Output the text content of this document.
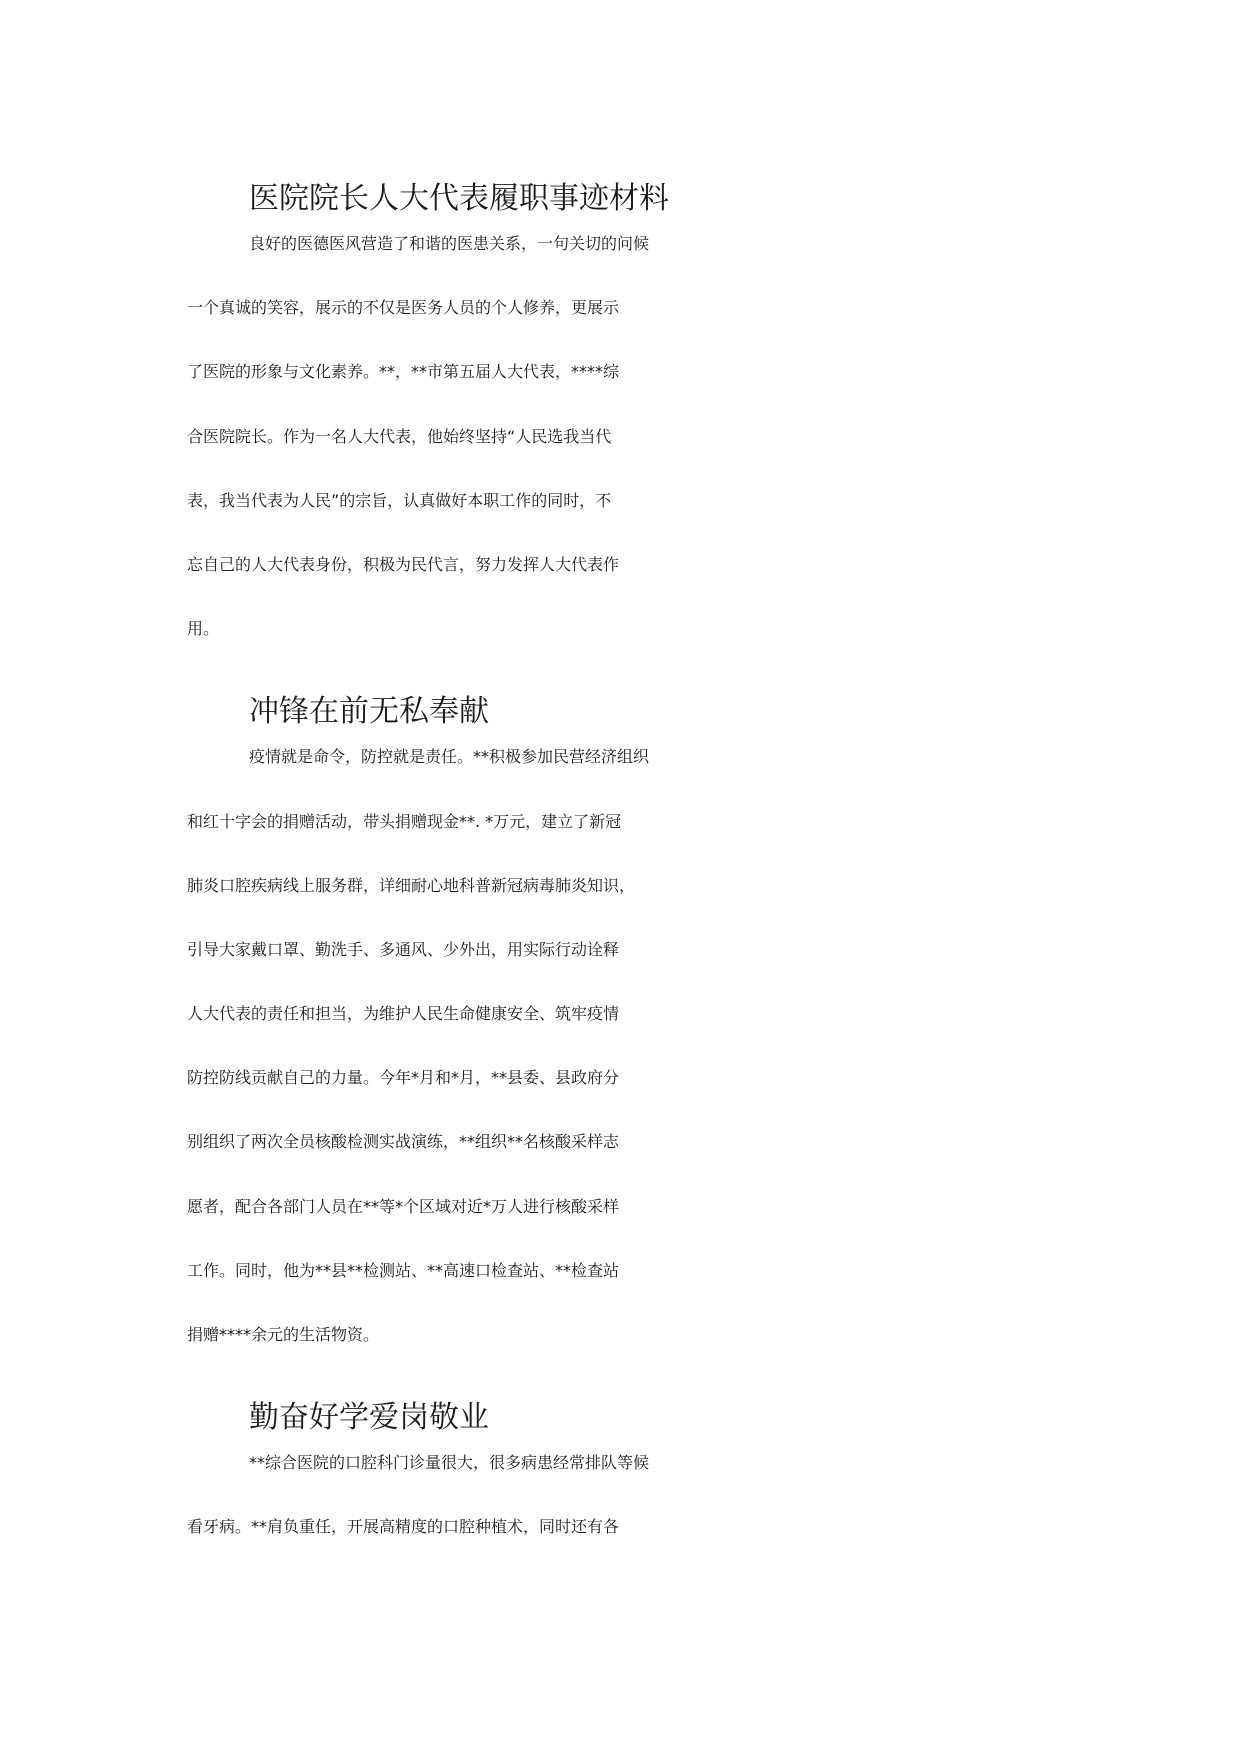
医院院长人大代表履职事迹材料
良好的医德医风营造了和谐的医患关系，一句关切的问候
一个真诚的笑容，展示的不仅是医务人员的个人修养，更展示
了医院的形象与文化素养。**，**市第五届人大代表，****综
合医院院长。作为一名人大代表，他始终坚持“人民选我当代
表，我当代表为人民”的宗旨，认真做好本职工作的同时，不
忘自己的人大代表身份，积极为民代言，努力发挥人大代表作
用。
冲锋在前无私奉献
疫情就是命令，防控就是责任。**积极参加民营经济组织
和红十字会的捐赠活动，带头捐赠现金**. *万元，建立了新冠
肺炎口腔疾病线上服务群，详细耐心地科普新冠病毒肺炎知识，
引导大家戴口罩、勤洗手、多通风、少外出，用实际行动诠释
人大代表的责任和担当，为维护人民生命健康安全、筑牢疫情
防控防线贡献自己的力量。今年*月和*月，**县委、县政府分
别组织了两次全员核酸检测实战演练，**组织**名核酸采样志
愿者，配合各部门人员在**等*个区域对近*万人进行核酸采样
工作。同时，他为**县**检测站、**高速口检查站、**检查站
捐赠****余元的生活物资。
勤奋好学爱岗敬业
**综合医院的口腔科门诊量很大，很多病患经常排队等候
看牙病。**肩负重任，开展高精度的口腔种植术，同时还有各
